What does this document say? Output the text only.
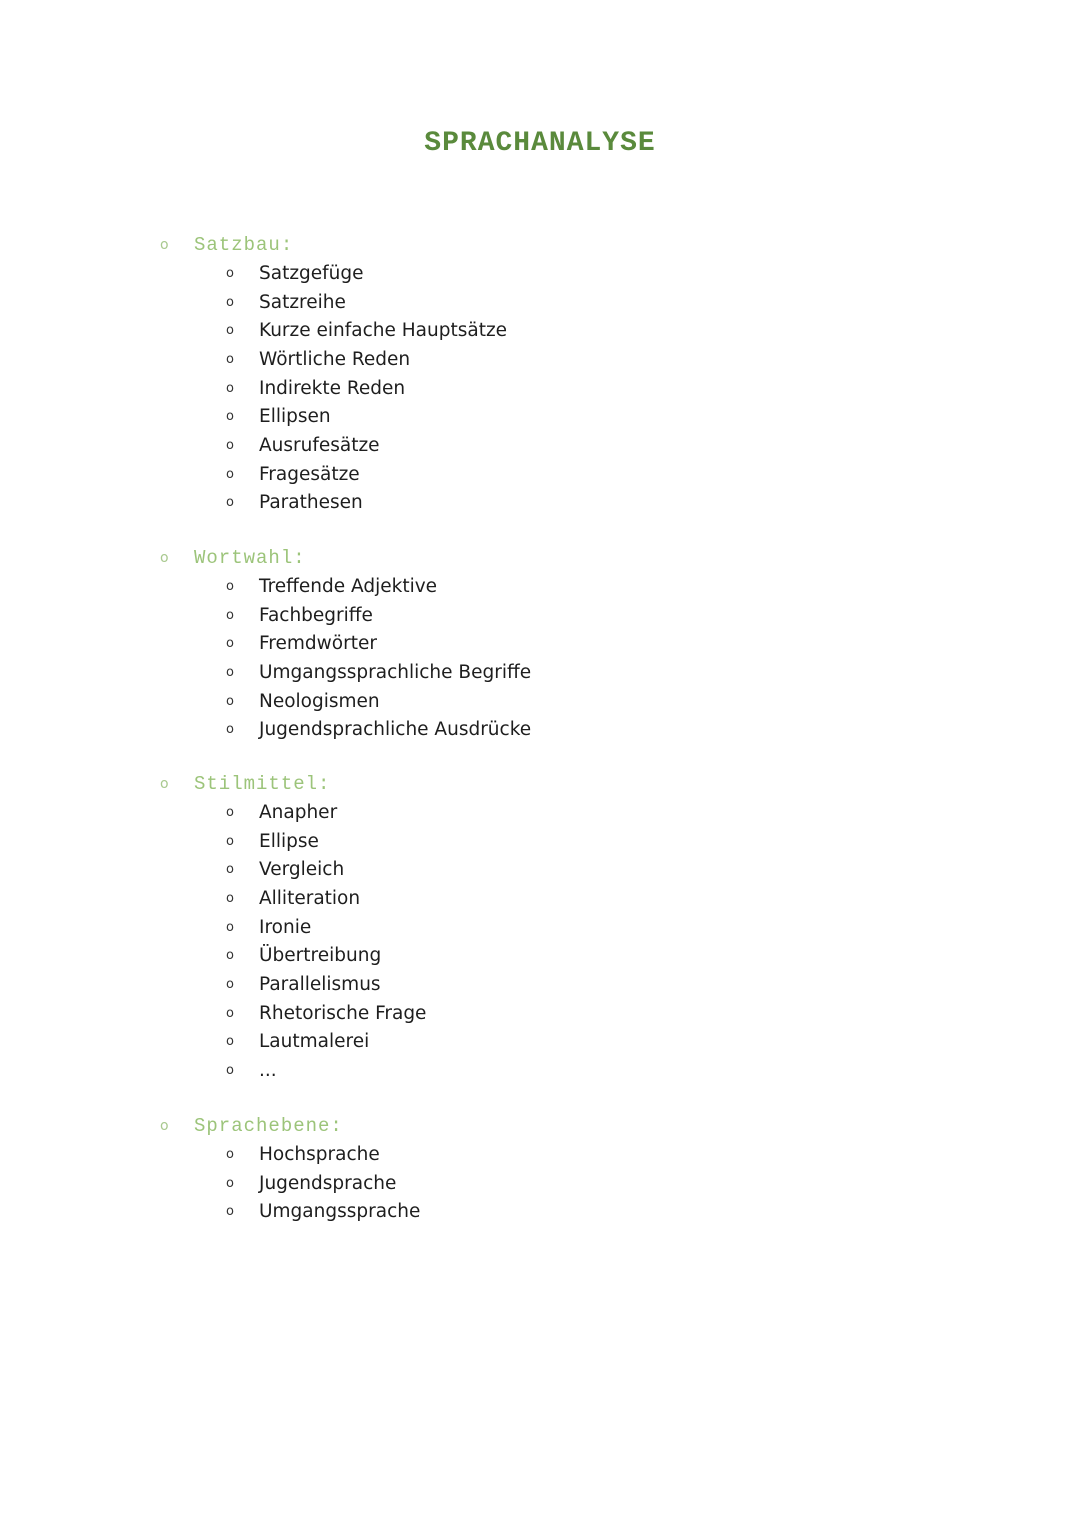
SPRACHANALYSE
o	Satzbau:
o	Satzgefüge
o	Satzreihe
o	Kurze einfache Hauptsätze
o	Wörtliche Reden
o	Indirekte Reden
o	Ellipsen
o	Ausrufesätze
o	Fragesätze
o	Parathesen
o	Wortwahl:
o	Treffende Adjektive
o	Fachbegriffe
o	Fremdwörter
o	Umgangssprachliche Begriffe
o	Neologismen
o	Jugendsprachliche Ausdrücke
o	Stilmittel:
o	Anapher
o	Ellipse
o	Vergleich
o	Alliteration
o	Ironie
o	Übertreibung
o	Parallelismus
o	Rhetorische Frage
o	Lautmalerei
o	...
o	Sprachebene:
o	Hochsprache
o	Jugendsprache
o	Umgangssprache
